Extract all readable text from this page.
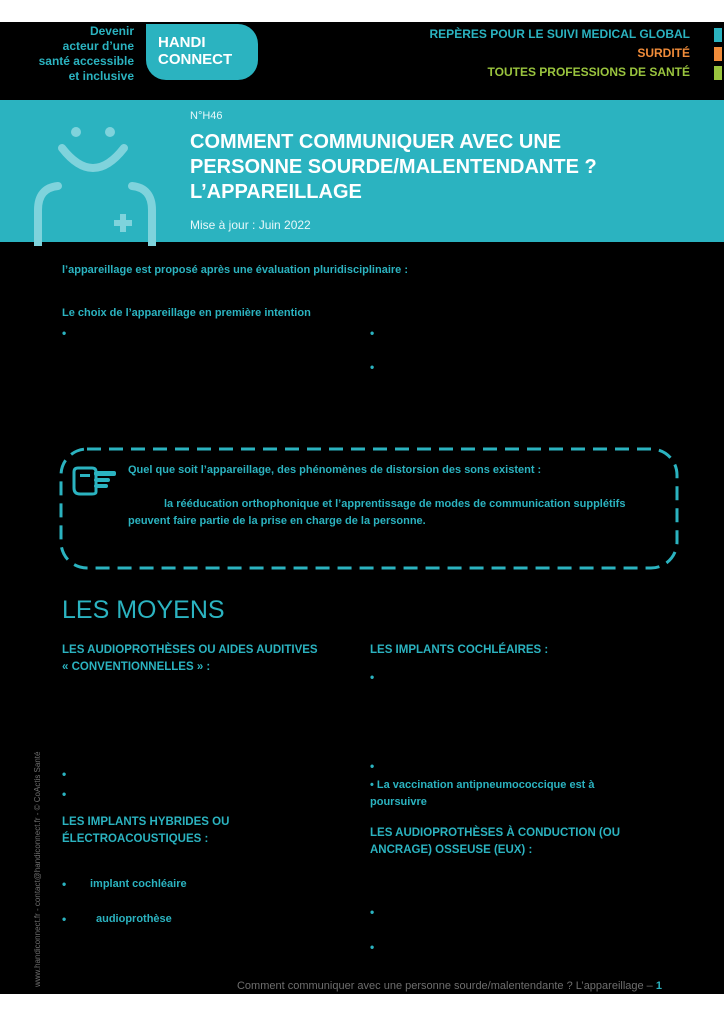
Devenir
acteur d’une
santé accessible
et inclusive
HANDI
CONNECT
REPÈRES POUR LE SUIVI MEDICAL GLOBAL
SURDITÉ
TOUTES PROFESSIONS DE SANTÉ
N°H46
COMMENT COMMUNIQUER AVEC UNE
PERSONNE SOURDE/MALENTENDANTE ?
L’APPAREILLAGE
Mise à jour : Juin 2022
l’appareillage est proposé après une évaluation pluridisciplinaire :
Le choix de l’appareillage en première intention
•	•
•
Quel que soit l’appareillage, des phénomènes de distorsion des sons existent :
la rééducation orthophonique et l’apprentissage de modes de communication supplétifs peuvent faire partie de la prise en charge de la personne.
LES MOYENS
LES AUDIOPROTHÈSES OU AIDES AUDITIVES
« CONVENTIONNELLES » :
•
•
LES IMPLANTS HYBRIDES OU
ÉLECTROACOUSTIQUES :
• implant cochléaire
•	audioprothèse
LES IMPLANTS COCHLÉAIRES :
•
•
• La vaccination antipneumococcique est à
poursuivre
LES AUDIOPROTHÈSES À CONDUCTION (OU
ANCRAGE) OSSEUSE (EUX) :
•
•
www.handiconnect.fr - contact@handiconnect.fr - © CoActis Santé	Comment communiquer avec une personne sourde/malentendante ? L’appareillage – 1
